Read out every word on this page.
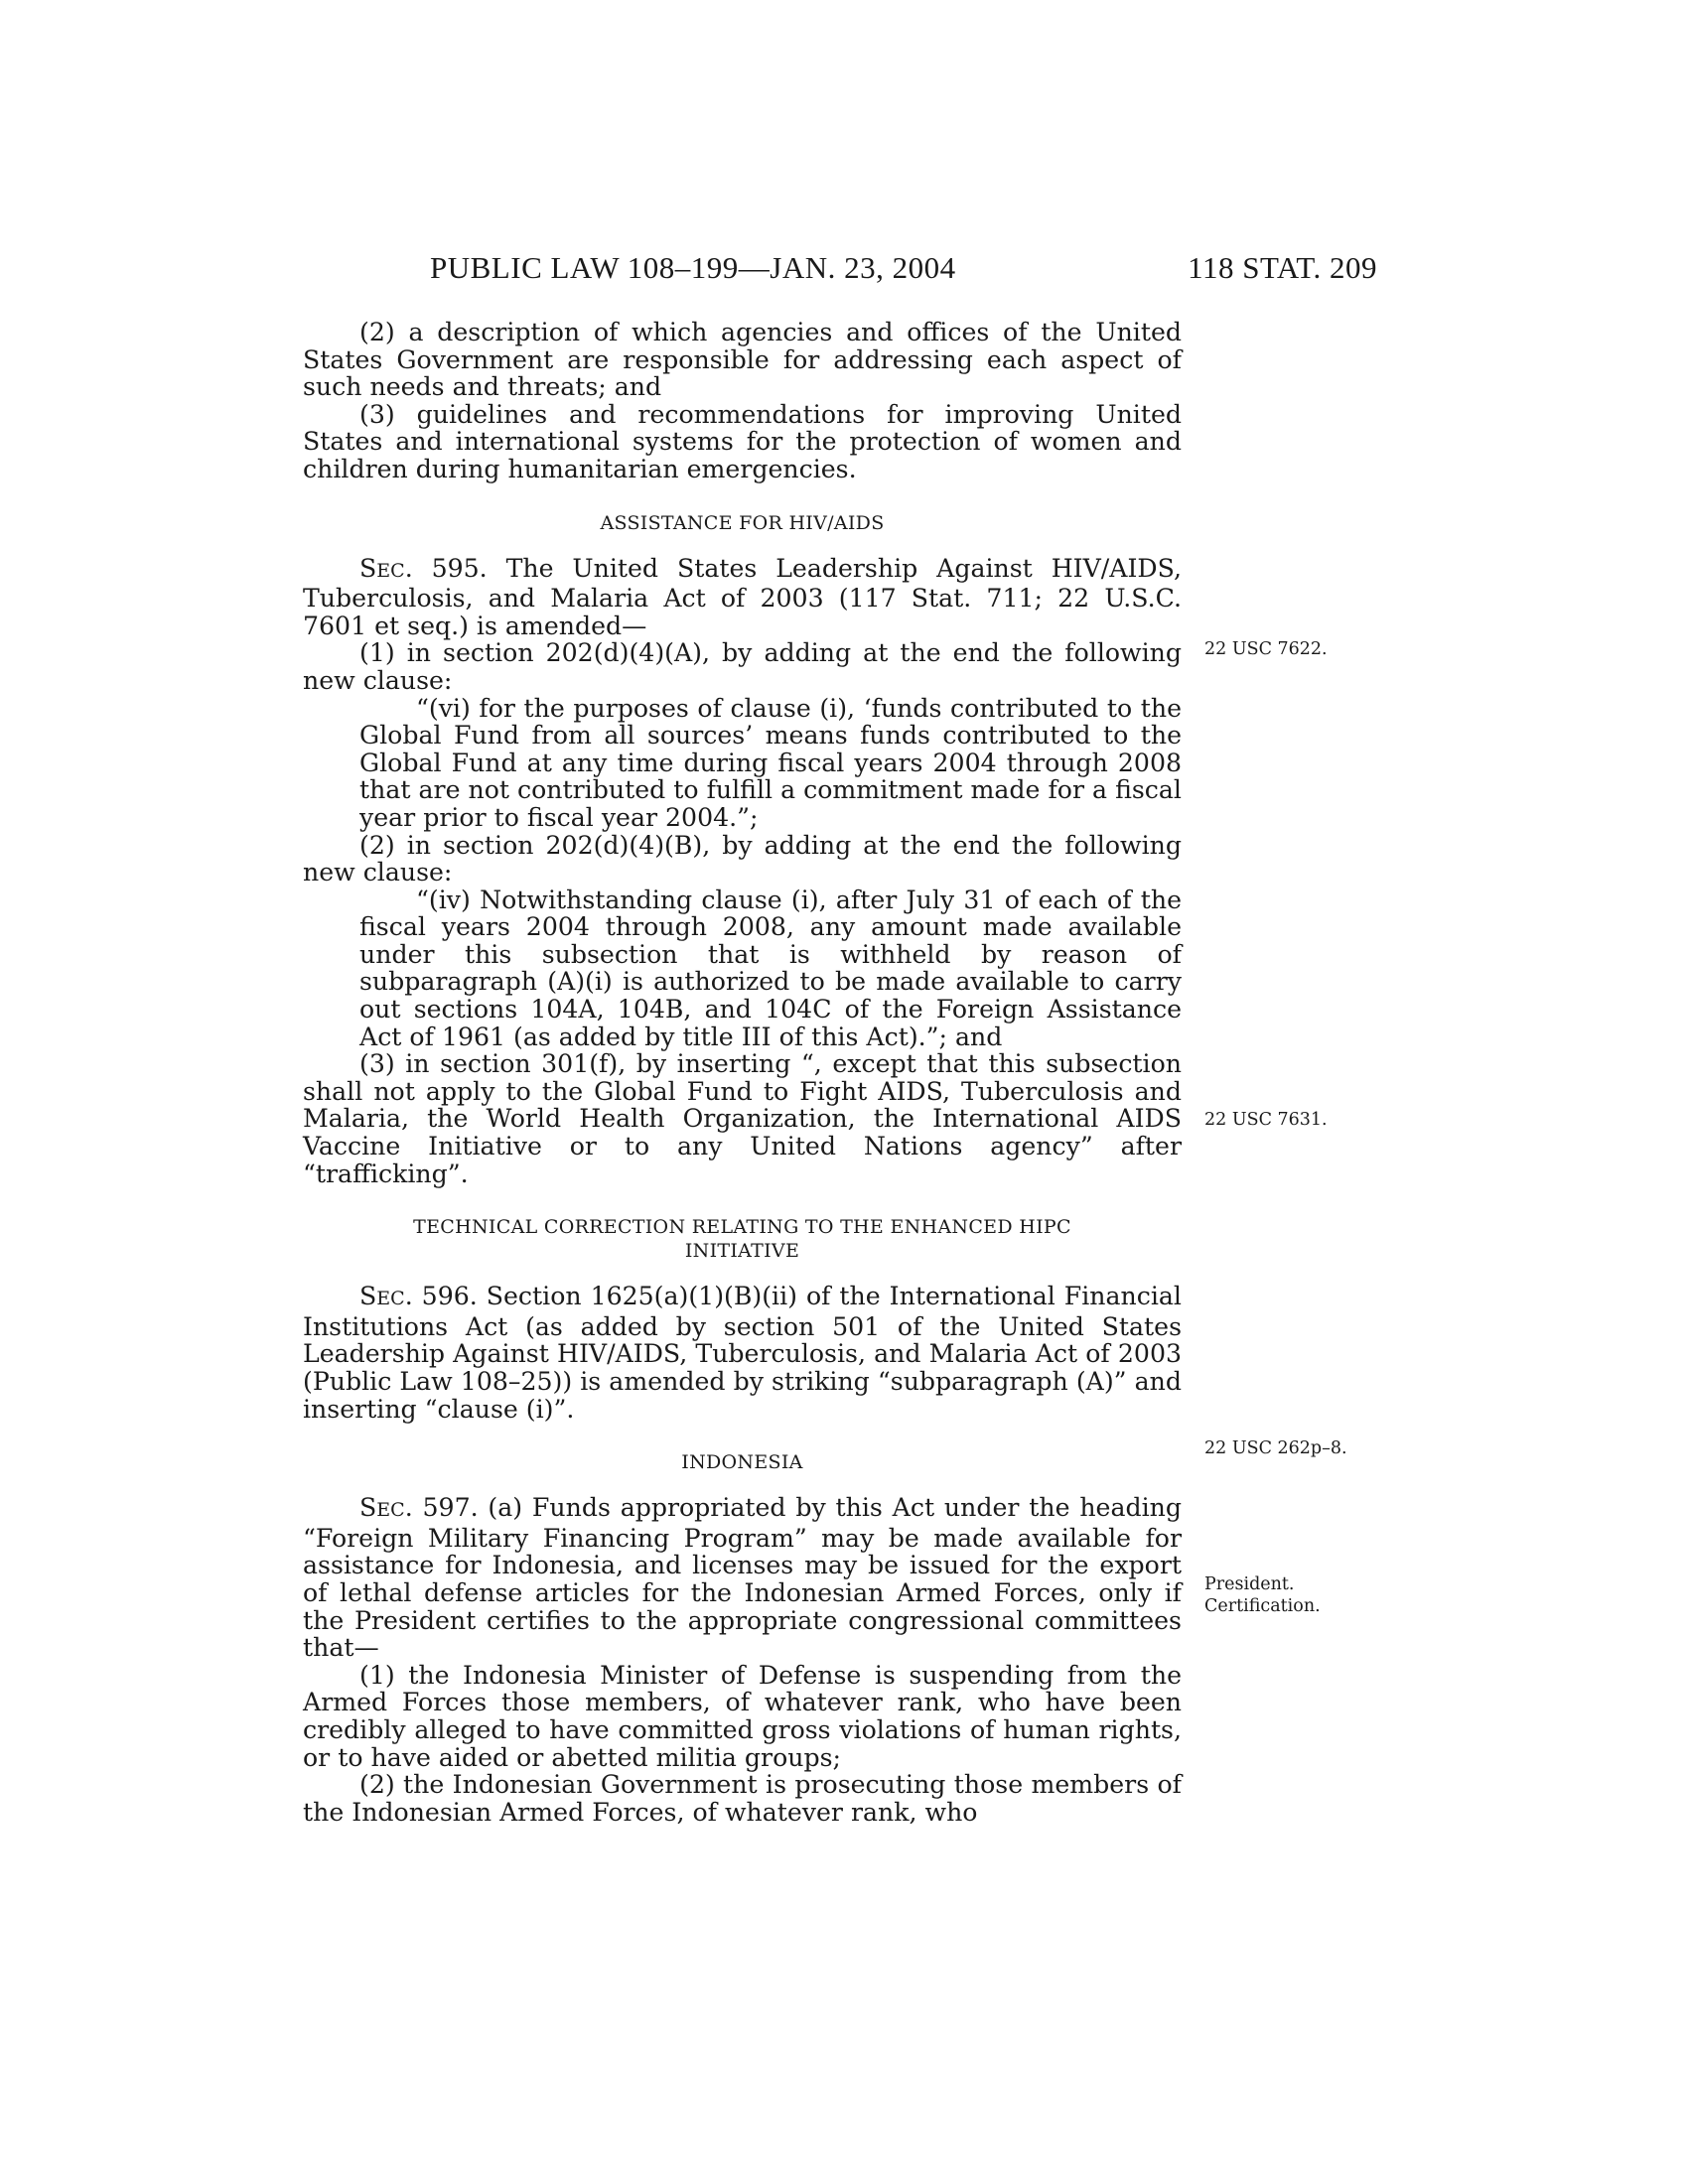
PUBLIC LAW 108–199—JAN. 23, 2004	118 STAT. 209

(2) a description of which agencies and offices of the United States Government are responsible for addressing each aspect of such needs and threats; and

(3) guidelines and recommendations for improving United States and international systems for the protection of women and children during humanitarian emergencies.

ASSISTANCE FOR HIV/AIDS

SEC. 595. The United States Leadership Against HIV/AIDS, Tuberculosis, and Malaria Act of 2003 (117 Stat. 711; 22 U.S.C. 7601 et seq.) is amended—

(1) in section 202(d)(4)(A), by adding at the end the following new clause:

“(vi) for the purposes of clause (i), ‘funds contributed to the Global Fund from all sources’ means funds contributed to the Global Fund at any time during fiscal years 2004 through 2008 that are not contributed to fulfill a commitment made for a fiscal year prior to fiscal year 2004.”;

(2) in section 202(d)(4)(B), by adding at the end the following new clause:

“(iv) Notwithstanding clause (i), after July 31 of each of the fiscal years 2004 through 2008, any amount made available under this subsection that is withheld by reason of subparagraph (A)(i) is authorized to be made available to carry out sections 104A, 104B, and 104C of the Foreign Assistance Act of 1961 (as added by title III of this Act).”; and

(3) in section 301(f), by inserting “, except that this subsection shall not apply to the Global Fund to Fight AIDS, Tuberculosis and Malaria, the World Health Organization, the International AIDS Vaccine Initiative or to any United Nations agency” after “trafficking”.

TECHNICAL CORRECTION RELATING TO THE ENHANCED HIPC
INITIATIVE

SEC. 596. Section 1625(a)(1)(B)(ii) of the International Financial Institutions Act (as added by section 501 of the United States Leadership Against HIV/AIDS, Tuberculosis, and Malaria Act of 2003 (Public Law 108–25)) is amended by striking “subparagraph (A)” and inserting “clause (i)”.

INDONESIA

SEC. 597. (a) Funds appropriated by this Act under the heading “Foreign Military Financing Program” may be made available for assistance for Indonesia, and licenses may be issued for the export of lethal defense articles for the Indonesian Armed Forces, only if the President certifies to the appropriate congressional committees that—

(1) the Indonesia Minister of Defense is suspending from the Armed Forces those members, of whatever rank, who have been credibly alleged to have committed gross violations of human rights, or to have aided or abetted militia groups;

(2) the Indonesian Government is prosecuting those members of the Indonesian Armed Forces, of whatever rank, who

22 USC 7622.
22 USC 7631.
22 USC 262p–8.
President.
Certification.
